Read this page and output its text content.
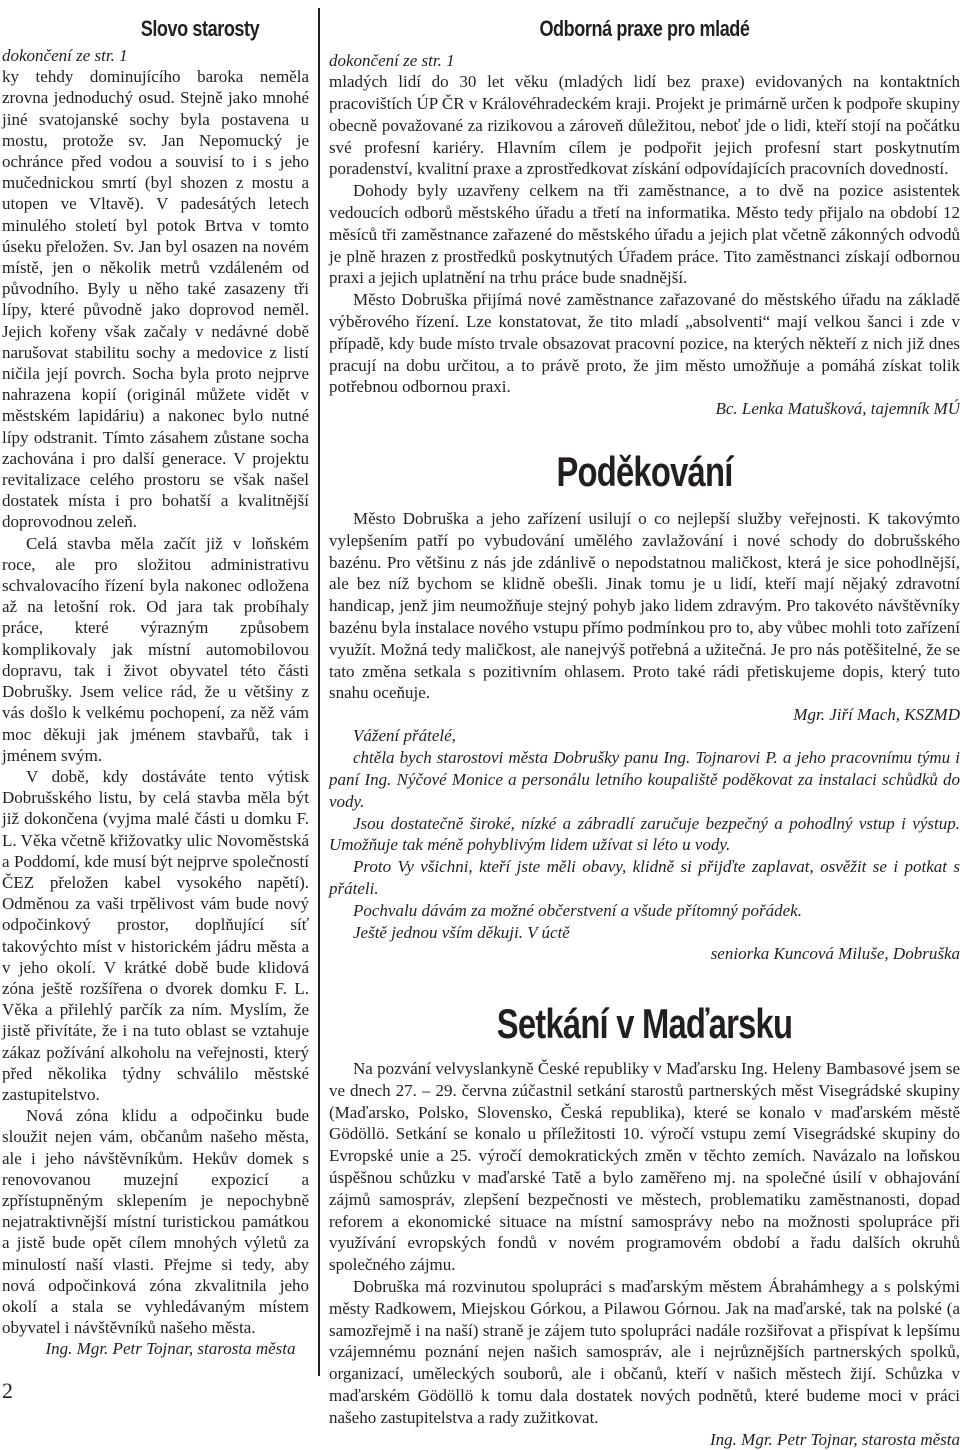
2
Slovo starosty

dokončení ze str. 1

ky tehdy dominujícího baroka neměla zrovna jednoduchý osud. Stejně jako mnohé jiné svatojanské sochy byla postavena u mostu, protože sv. Jan Nepomucký je ochránce před vodou a souvisí to i s jeho mučednickou smrtí (byl shozen z mostu a utopen ve Vltavě). V padesátých letech minulého století byl potok Brtva v tomto úseku přeložen. Sv. Jan byl osazen na novém místě, jen o několik metrů vzdáleném od původního. Byly u něho také zasazeny tři lípy, které původně jako doprovod neměl. Jejich kořeny však začaly v nedávné době narušovat stabilitu sochy a medovice z listí ničila její povrch. Socha byla proto nejprve nahrazena kopií (originál můžete vidět v městském lapidáriu) a nakonec bylo nutné lípy odstranit. Tímto zásahem zůstane socha zachována i pro další generace. V projektu revitalizace celého prostoru se však našel dostatek místa i pro bohatší a kvalitnější doprovodnou zeleň.

Celá stavba měla začít již v loňském roce, ale pro složitou administrativu schvalovacího řízení byla nakonec odložena až na letošní rok. Od jara tak probíhaly práce, které výrazným způsobem komplikovaly jak místní automobilovou dopravu, tak i život obyvatel této části Dobrušky. Jsem velice rád, že u většiny z vás došlo k velkému pochopení, za něž vám moc děkuji jak jménem stavbařů, tak i jménem svým.

V době, kdy dostáváte tento výtisk Dobrušského listu, by celá stavba měla být již dokončena (vyjma malé části u domku F. L. Věka včetně křižovatky ulic Novoměstská a Poddomí, kde musí být nejprve společností ČEZ přeložen kabel vysokého napětí). Odměnou za vaši trpělivost vám bude nový odpočinkový prostor, doplňující síť takovýchto míst v historickém jádru města a v jeho okolí. V krátké době bude klidová zóna ještě rozšířena o dvorek domku F. L. Věka a přilehlý parčík za ním. Myslím, že jistě přivítáte, že i na tuto oblast se vztahuje zákaz požívání alkoholu na veřejnosti, který před několika týdny schválilo městské zastupitelstvo.

Nová zóna klidu a odpočinku bude sloužit nejen vám, občanům našeho města, ale i jeho návštěvníkům. Hekův domek s renovovanou muzejní expozicí a zpřístupněným sklepením je nepochybně nejatraktivnější místní turistickou památkou a jistě bude opět cílem mnohých výletů za minulostí naší vlasti. Přejme si tedy, aby nová odpočinková zóna zkvalitnila jeho okolí a stala se vyhledávaným místem obyvatel i návštěvníků našeho města.

Ing. Mgr. Petr Tojnar, starosta města

Odborná praxe pro mladé

dokončení ze str. 1

mladých lidí do 30 let věku (mladých lidí bez praxe) evidovaných na kontaktních pracovištích ÚP ČR v Královéhradeckém kraji. Projekt je primárně určen k podpoře skupiny obecně považované za rizikovou a zároveň důležitou, neboť jde o lidi, kteří stojí na počátku své profesní kariéry. Hlavním cílem je podpořit jejich profesní start poskytnutím poradenství, kvalitní praxe a zprostředkovat získání odpovídajících pracovních dovedností.

Dohody byly uzavřeny celkem na tři zaměstnance, a to dvě na pozice asistentek vedoucích odborů městského úřadu a třetí na informatika. Město tedy přijalo na období 12 měsíců tři zaměstnance zařazené do městského úřadu a jejich plat včetně zákonných odvodů je plně hrazen z prostředků poskytnutých Úřadem práce. Tito zaměstnanci získají odbornou praxi a jejich uplatnění na trhu práce bude snadnější.

Město Dobruška přijímá nové zaměstnance zařazované do městského úřadu na základě výběrového řízení. Lze konstatovat, že tito mladí „absolventi“ mají velkou šanci i zde v případě, kdy bude místo trvale obsazovat pracovní pozice, na kterých někteří z nich již dnes pracují na dobu určitou, a to právě proto, že jim město umožňuje a pomáhá získat tolik potřebnou odbornou praxi.

Bc. Lenka Matušková, tajemník MÚ

Poděkování

Město Dobruška a jeho zařízení usilují o co nejlepší služby veřejnosti. K takovýmto vylepšením patří po vybudování umělého zavlažování i nové schody do dobrušského bazénu. Pro většinu z nás jde zdánlivě o nepodstatnou maličkost, která je sice pohodlnější, ale bez níž bychom se klidně obešli. Jinak tomu je u lidí, kteří mají nějaký zdravotní handicap, jenž jim neumožňuje stejný pohyb jako lidem zdravým. Pro takovéto návštěvníky bazénu byla instalace nového vstupu přímo podmínkou pro to, aby vůbec mohli toto zařízení využít. Možná tedy maličkost, ale nanejvýš potřebná a užitečná. Je pro nás potěšitelné, že se tato změna setkala s pozitivním ohlasem. Proto také rádi přetiskujeme dopis, který tuto snahu oceňuje.

Mgr. Jiří Mach, KSZMD

Vážení přátelé,

chtěla bych starostovi města Dobrušky panu Ing. Tojnarovi P. a jeho pracovnímu týmu i paní Ing. Nýčové Monice a personálu letního koupaliště poděkovat za instalaci schůdků do vody.

Jsou dostatečně široké, nízké a zábradlí zaručuje bezpečný a pohodlný vstup i výstup. Umožňuje tak méně pohyblivým lidem užívat si léto u vody.

Proto Vy všichni, kteří jste měli obavy, klidně si přijďte zaplavat, osvěžit se i potkat s přáteli.

Pochvalu dávám za možné občerstvení a všude přítomný pořádek.

Ještě jednou vším děkuji. V úctě

seniorka Kuncová Miluše, Dobruška

Setkání v Maďarsku

Na pozvání velvyslankyně České republiky v Maďarsku Ing. Heleny Bambasové jsem se ve dnech 27. – 29. června zúčastnil setkání starostů partnerských měst Visegrádské skupiny (Maďarsko, Polsko, Slovensko, Česká republika), které se konalo v maďarském městě Gödöllö. Setkání se konalo u příležitosti 10. výročí vstupu zemí Visegrádské skupiny do Evropské unie a 25. výročí demokratických změn v těchto zemích. Navázalo na loňskou úspěšnou schůzku v maďarské Tatě a bylo zaměřeno mj. na společné úsilí v obhajování zájmů samospráv, zlepšení bezpečnosti ve městech, problematiku zaměstnanosti, dopad reforem a ekonomické situace na místní samosprávy nebo na možnosti spolupráce při využívání evropských fondů v novém programovém období a řadu dalších okruhů společného zájmu.

Dobruška má rozvinutou spolupráci s maďarským městem Ábrahámhegy a s polskými městy Radkowem, Miejskou Górkou, a Pilawou Górnou. Jak na maďarské, tak na polské (a samozřejmě i na naší) straně je zájem tuto spolupráci nadále rozšiřovat a přispívat k lepšímu vzájemnému poznání nejen našich samospráv, ale i nejrůznějších partnerských spolků, organizací, uměleckých souborů, ale i občanů, kteří v našich městech žijí. Schůzka v maďarském Gödöllö k tomu dala dostatek nových podnětů, které budeme moci v práci našeho zastupitelstva a rady zužitkovat.

Ing. Mgr. Petr Tojnar, starosta města
